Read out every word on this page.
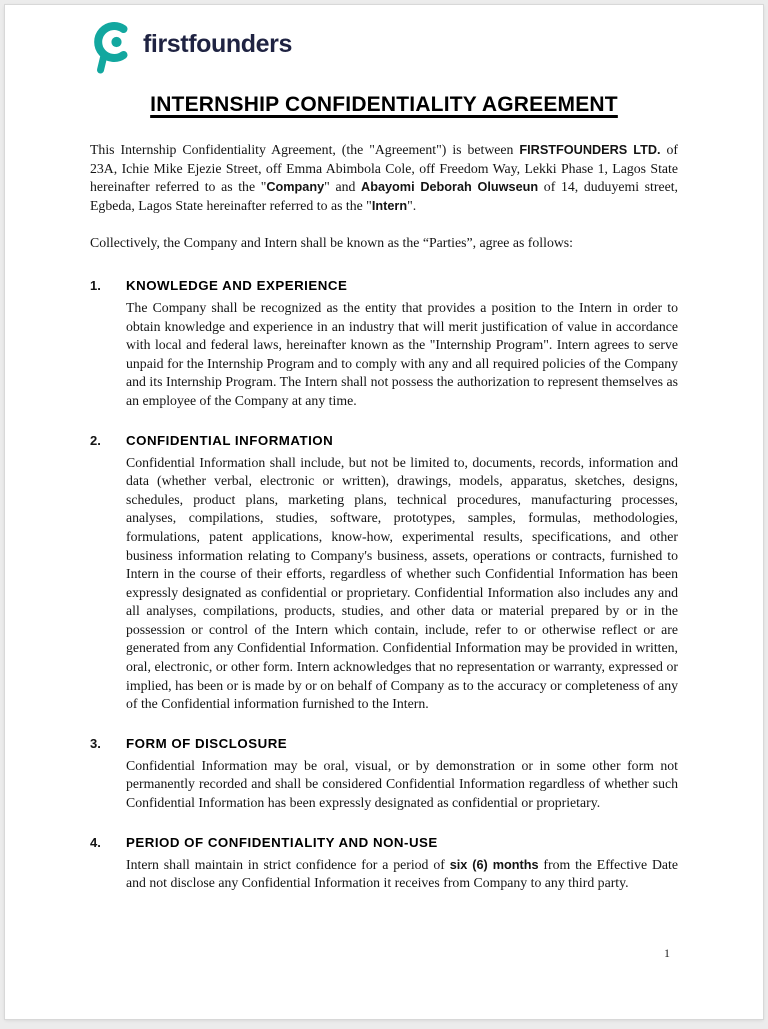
firstfounders
INTERNSHIP CONFIDENTIALITY AGREEMENT

This Internship Confidentiality Agreement, (the "Agreement") is between FIRSTFOUNDERS LTD. of 23A, Ichie Mike Ejezie Street, off Emma Abimbola Cole, off Freedom Way, Lekki Phase 1, Lagos State hereinafter referred to as the "Company" and Abayomi Deborah Oluwseun of 14, duduyemi street, Egbeda, Lagos State hereinafter referred to as the "Intern".

Collectively, the Company and Intern shall be known as the “Parties”, agree as follows:

1.	KNOWLEDGE AND EXPERIENCE

The Company shall be recognized as the entity that provides a position to the Intern in order to obtain knowledge and experience in an industry that will merit justification of value in accordance with local and federal laws, hereinafter known as the "Internship Program". Intern agrees to serve unpaid for the Internship Program and to comply with any and all required policies of the Company and its Internship Program. The Intern shall not possess the authorization to represent themselves as an employee of the Company at any time.

2.	CONFIDENTIAL INFORMATION

Confidential Information shall include, but not be limited to, documents, records, information and data (whether verbal, electronic or written), drawings, models, apparatus, sketches, designs, schedules, product plans, marketing plans, technical procedures, manufacturing processes, analyses, compilations, studies, software, prototypes, samples, formulas, methodologies, formulations, patent applications, know-how, experimental results, specifications, and other business information relating to Company's business, assets, operations or contracts, furnished to Intern in the course of their efforts, regardless of whether such Confidential Information has been expressly designated as confidential or proprietary. Confidential Information also includes any and all analyses, compilations, products, studies, and other data or material prepared by or in the possession or control of the Intern which contain, include, refer to or otherwise reflect or are generated from any Confidential Information. Confidential Information may be provided in written, oral, electronic, or other form. Intern acknowledges that no representation or warranty, expressed or implied, has been or is made by or on behalf of Company as to the accuracy or completeness of any of the Confidential information furnished to the Intern.

3.	FORM OF DISCLOSURE

Confidential Information may be oral, visual, or by demonstration or in some other form not permanently recorded and shall be considered Confidential Information regardless of whether such Confidential Information has been expressly designated as confidential or proprietary.

4.	PERIOD OF CONFIDENTIALITY AND NON-USE

Intern shall maintain in strict confidence for a period of six (6) months from the Effective Date and not disclose any Confidential Information it receives from Company to any third party.

1
